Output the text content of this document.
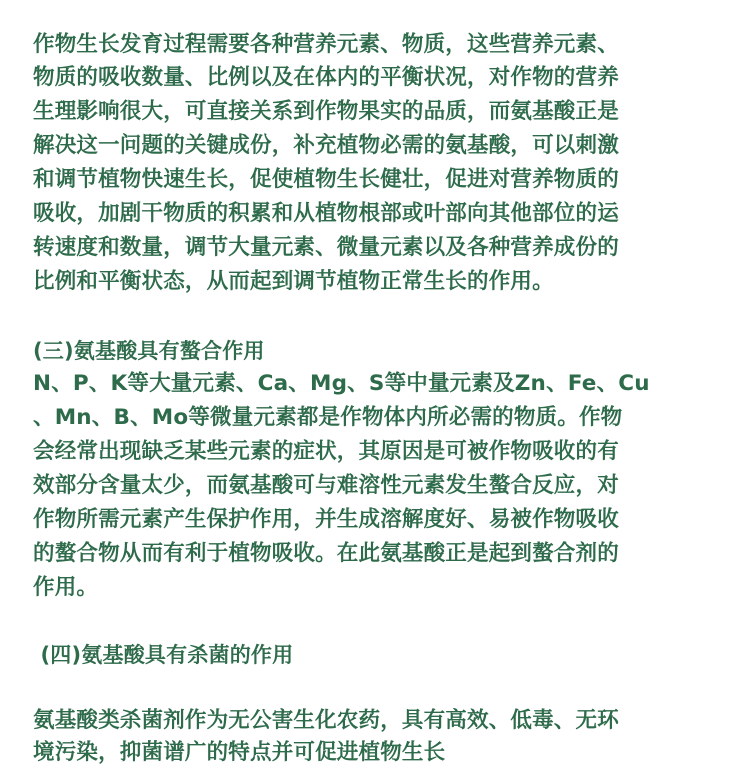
作物生长发育过程需要各种营养元素、物质，这些营养元素、
物质的吸收数量、比例以及在体内的平衡状况，对作物的营养
生理影响很大，可直接关系到作物果实的品质，而氨基酸正是
解决这一问题的关键成份，补充植物必需的氨基酸，可以刺激
和调节植物快速生长，促使植物生长健壮，促进对营养物质的
吸收，加剧干物质的积累和从植物根部或叶部向其他部位的运
转速度和数量，调节大量元素、微量元素以及各种营养成份的
比例和平衡状态，从而起到调节植物正常生长的作用。
(三)氨基酸具有螯合作用
N、P、K等大量元素、Ca、Mg、S等中量元素及Zn、Fe、Cu
、Mn、B、Mo等微量元素都是作物体内所必需的物质。作物
会经常出现缺乏某些元素的症状，其原因是可被作物吸收的有
效部分含量太少，而氨基酸可与难溶性元素发生螯合反应，对
作物所需元素产生保护作用，并生成溶解度好、易被作物吸收
的螯合物从而有利于植物吸收。在此氨基酸正是起到螯合剂的
作用。
(四)氨基酸具有杀菌的作用
氨基酸类杀菌剂作为无公害生化农药，具有高效、低毒、无环
境污染，抑菌谱广的特点并可促进植物生长
